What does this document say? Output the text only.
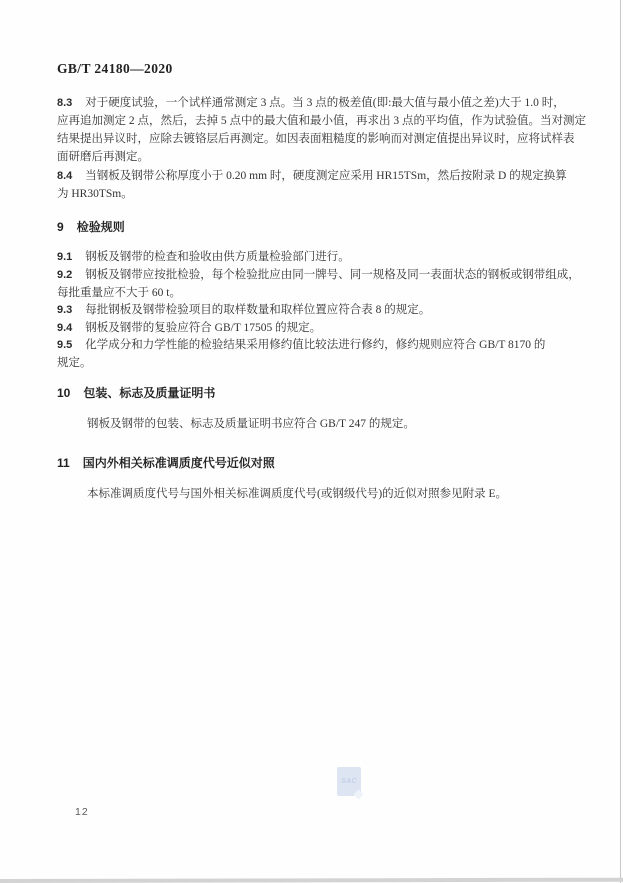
GB/T 24180—2020
8.3 对于硬度试验，一个试样通常测定 3 点。当 3 点的极差值(即:最大值与最小值之差)大于 1.0 时，
应再追加测定 2 点，然后，去掉 5 点中的最大值和最小值，再求出 3 点的平均值，作为试验值。当对测定
结果提出异议时，应除去镀铬层后再测定。如因表面粗糙度的影响而对测定值提出异议时，应将试样表
面研磨后再测定。
8.4 当钢板及钢带公称厚度小于 0.20 mm 时，硬度测定应采用 HR15TSm，然后按附录 D 的规定换算
为 HR30TSm。
9 检验规则
9.1 钢板及钢带的检查和验收由供方质量检验部门进行。
9.2 钢板及钢带应按批检验，每个检验批应由同一牌号、同一规格及同一表面状态的钢板或钢带组成，
每批重量应不大于 60 t。
9.3 每批钢板及钢带检验项目的取样数量和取样位置应符合表 8 的规定。
9.4 钢板及钢带的复验应符合 GB/T 17505 的规定。
9.5 化学成分和力学性能的检验结果采用修约值比较法进行修约，修约规则应符合 GB/T 8170 的
规定。
10 包装、标志及质量证明书
钢板及钢带的包装、标志及质量证明书应符合 GB/T 247 的规定。
11 国内外相关标准调质度代号近似对照
本标准调质度代号与国外相关标准调质度代号(或钢级代号)的近似对照参见附录 E。
SAC
12
